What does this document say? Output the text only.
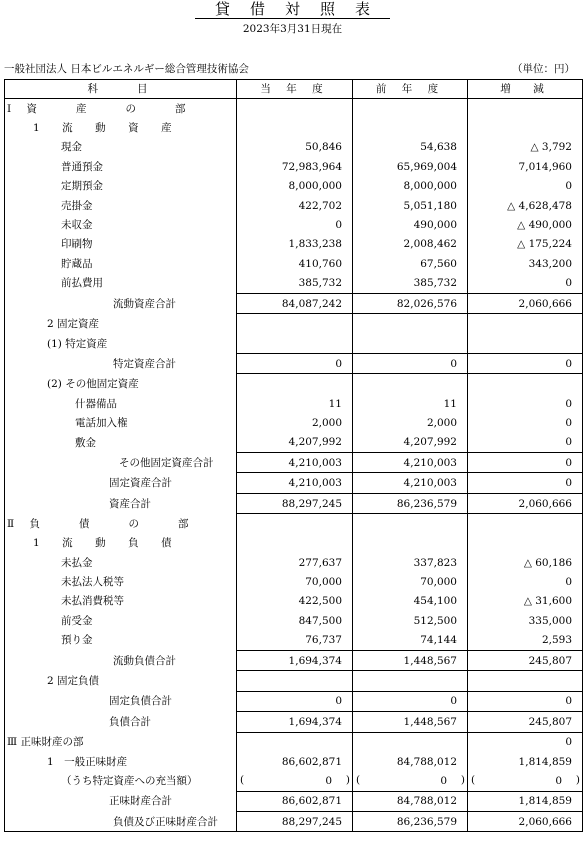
貸借対照表
2023年3月31日現在
一般社団法人 日本ビルエネルギー総合管理技術協会	（単位：円）
科　　目	当 年 度	前 年 度	増　減
Ⅰ 資　　産　　の　　部			
1　流　動　資　産			
現金	50,846	54,638	△ 3,792
普通預金	72,983,964	65,969,004	7,014,960
定期預金	8,000,000	8,000,000	0
売掛金	422,702	5,051,180	△ 4,628,478
未収金	0	490,000	△ 490,000
印刷物	1,833,238	2,008,462	△ 175,224
貯蔵品	410,760	67,560	343,200
前払費用	385,732	385,732	0
流動資産合計	84,087,242	82,026,576	2,060,666
2 固定資産			
(1) 特定資産			
特定資産合計	0	0	0
(2) その他固定資産			
什器備品	11	11	0
電話加入権	2,000	2,000	0
敷金	4,207,992	4,207,992	0
その他固定資産合計	4,210,003	4,210,003	0
固定資産合計	4,210,003	4,210,003	0
資産合計	88,297,245	86,236,579	2,060,666
Ⅱ 負　　債　　の　　部			
1　流　動　負　債			
未払金	277,637	337,823	△ 60,186
未払法人税等	70,000	70,000	0
未払消費税等	422,500	454,100	△ 31,600
前受金	847,500	512,500	335,000
預り金	76,737	74,144	2,593
流動負債合計	1,694,374	1,448,567	245,807
2 固定負債			
固定負債合計	0	0	0
負債合計	1,694,374	1,448,567	245,807
Ⅲ 正味財産の部			0
1　一般正味財産	86,602,871	84,788,012	1,814,859
（うち特定資産への充当額）	( 0 )	( 0 )	( 0 )

正味財産合計	86,602,871	84,788,012	1,814,859
負債及び正味財産合計	88,297,245	86,236,579	2,060,666
